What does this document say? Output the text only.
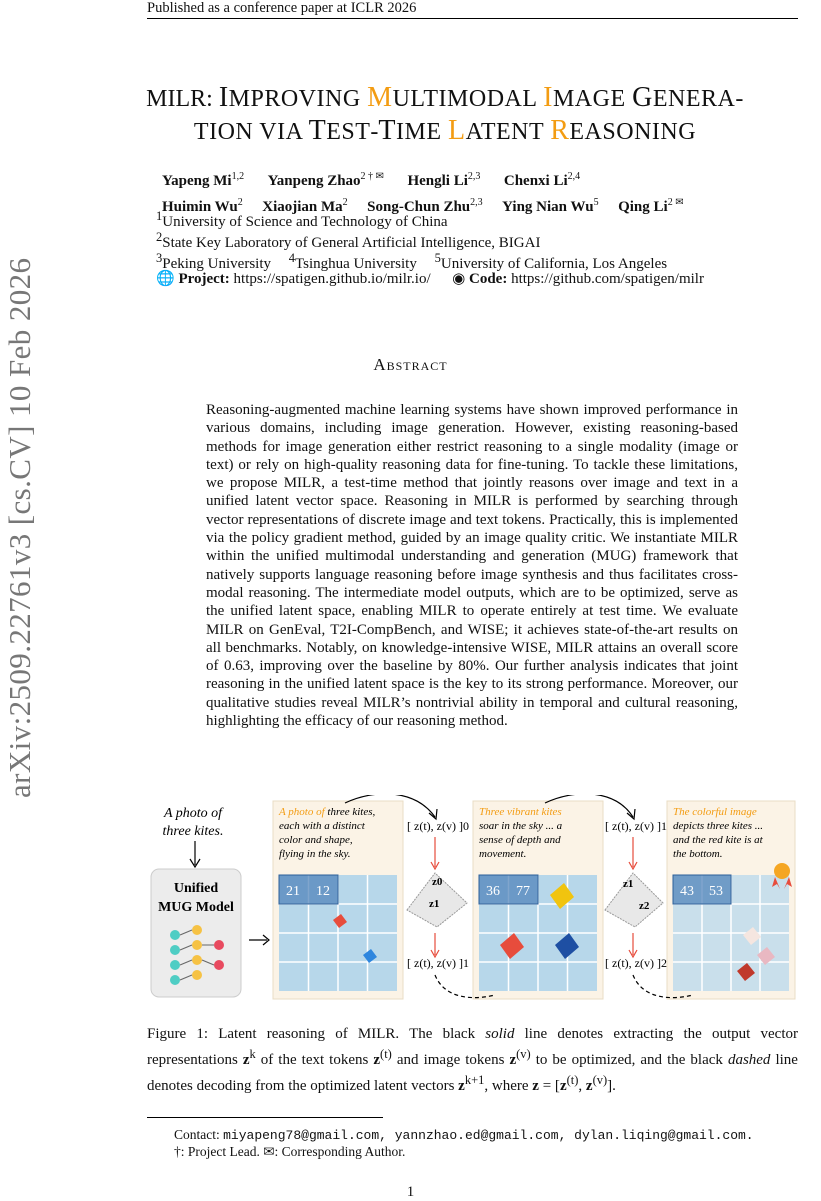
Published as a conference paper at ICLR 2026
arXiv:2509.22761v3 [cs.CV] 10 Feb 2026
MILR: IMPROVING MULTIMODAL IMAGE GENERA-
TION VIA TEST-TIME LATENT REASONING
Yapeng Mi$^{1,2}$ Yanpeng Zhao$^{2 \dagger ✉}$ Hengli Li$^{2,3}$ Chenxi Li$^{2,4}$
Huimin Wu$^2$ Xiaojian Ma$^2$ Song-Chun Zhu$^{2,3}$ Ying Nian Wu$^5$ Qing $Li^{2 ✉}$
$^1$University of Science and Technology of China
$^2$State Key Laboratory of General Artificial Intelligence, BIGAI
$^3$Peking University $^4$Tsinghua University $^5$University of California, Los Angeles
🌐 Project: https://spatigen.github.io/milr.io/ ◉ Code: https://github.com/spatigen/milr
Abstract
Reasoning-augmented machine learning systems have shown improved performance in various domains, including image generation. However, existing reasoning-based methods for image generation either restrict reasoning to a single modality (image or text) or rely on high-quality reasoning data for fine-tuning. To tackle these limitations, we propose MILR, a test-time method that jointly reasons over image and text in a unified latent vector space. Reasoning in MILR is performed by searching through vector representations of discrete image and text tokens. Practically, this is implemented via the policy gradient method, guided by an image quality critic. We instantiate MILR within the unified multimodal understanding and generation (MUG) framework that natively supports language reasoning before image synthesis and thus facilitates cross-modal reasoning. The intermediate model outputs, which are to be optimized, serve as the unified latent space, enabling MILR to operate entirely at test time. We evaluate MILR on GenEval, T2I-CompBench, and WISE; it achieves state-of-the-art results on all benchmarks. Notably, on knowledge-intensive WISE, MILR attains an overall score of 0.63, improving over the baseline by 80%. Our further analysis indicates that joint reasoning in the unified latent space is the key to its strong performance. Moreover, our qualitative studies reveal MILR’s nontrivial ability in temporal and cultural reasoning, highlighting the efficacy of our reasoning method.
A photo of
three kites.
Unified
MUG Model
A photo of three kites,
each with a distinct
color and shape,
flying in the sky.
21 12
Three vibrant kites
soar in the sky ... a
sense of depth and
movement.
36 77
The colorful image
depicts three kites ...
and the red kite is at
the bottom.
43 53
[ z(t), z(v) ]0
z0
z1
[ z(t), z(v) ]1
[ z(t), z(v) ]1
z1
z2
[ z(t), z(v) ]2
Figure 1: Latent reasoning of MILR. The black solid line denotes extracting the output vector representations $z^k$ of the text tokens $z^{(t)}$ and image tokens $z^{(v)}$ to be optimized, and the black dashed line denotes decoding from the optimized latent vectors $z^{k+1}$, where $z = [z^{(t)}$, $z^{(v)}$].
Contact: miyapeng78@gmail.com, yannzhao.ed@gmail.com, dylan.liqing@gmail.com.
†: Project Lead. ✉: Corresponding Author.
1
